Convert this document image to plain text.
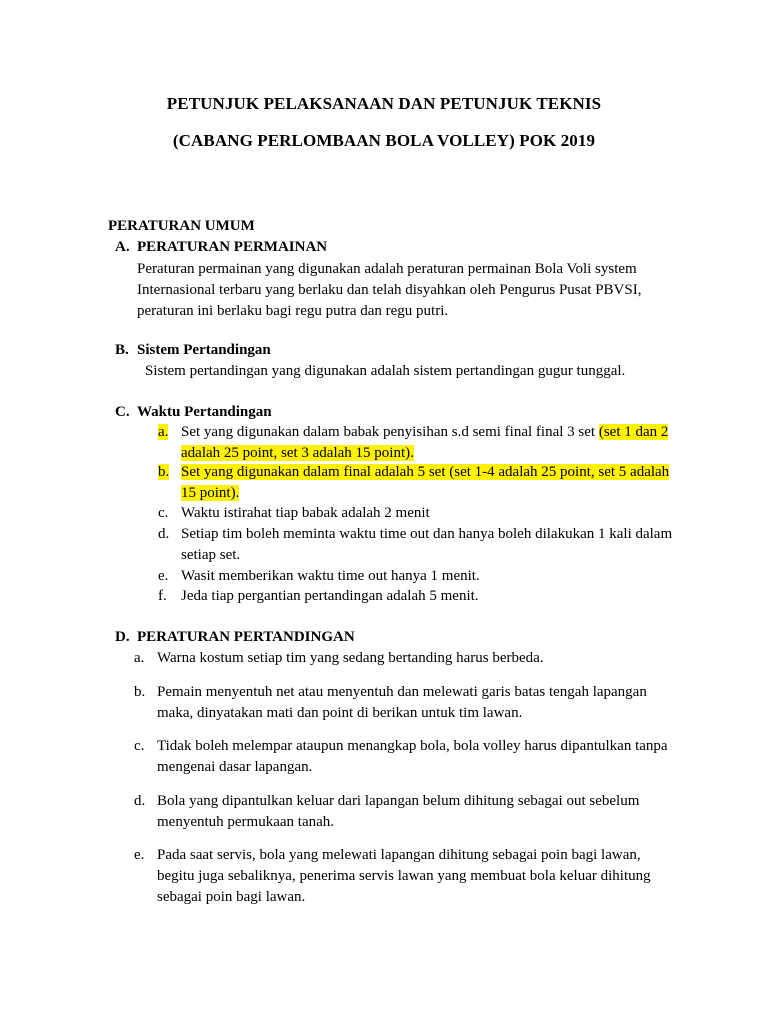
PETUNJUK PELAKSANAAN DAN PETUNJUK TEKNIS
(CABANG PERLOMBAAN BOLA VOLLEY) POK 2019
PERATURAN UMUM
A. PERATURAN PERMAINAN
Peraturan permainan yang digunakan adalah peraturan permainan Bola Voli system
Internasional terbaru yang berlaku dan telah disyahkan oleh Pengurus Pusat PBVSI,
peraturan ini berlaku bagi regu putra dan regu putri.
B. Sistem Pertandingan
Sistem pertandingan yang digunakan adalah sistem pertandingan gugur tunggal.
C. Waktu Pertandingan
a. Set yang digunakan dalam babak penyisihan s.d semi final final 3 set (set 1 dan 2
adalah 25 point, set 3 adalah 15 point).
b. Set yang digunakan dalam final adalah 5 set (set 1-4 adalah 25 point, set 5 adalah
15 point).
c. Waktu istirahat tiap babak adalah 2 menit
d. Setiap tim boleh meminta waktu time out dan hanya boleh dilakukan 1 kali dalam
setiap set.
e. Wasit memberikan waktu time out hanya 1 menit.
f. Jeda tiap pergantian pertandingan adalah 5 menit.
D. PERATURAN PERTANDINGAN
a. Warna kostum setiap tim yang sedang bertanding harus berbeda.
b. Pemain menyentuh net atau menyentuh dan melewati garis batas tengah lapangan
maka, dinyatakan mati dan point di berikan untuk tim lawan.
c. Tidak boleh melempar ataupun menangkap bola, bola volley harus dipantulkan tanpa
mengenai dasar lapangan.
d. Bola yang dipantulkan keluar dari lapangan belum dihitung sebagai out sebelum
menyentuh permukaan tanah.
e. Pada saat servis, bola yang melewati lapangan dihitung sebagai poin bagi lawan,
begitu juga sebaliknya, penerima servis lawan yang membuat bola keluar dihitung
sebagai poin bagi lawan.
